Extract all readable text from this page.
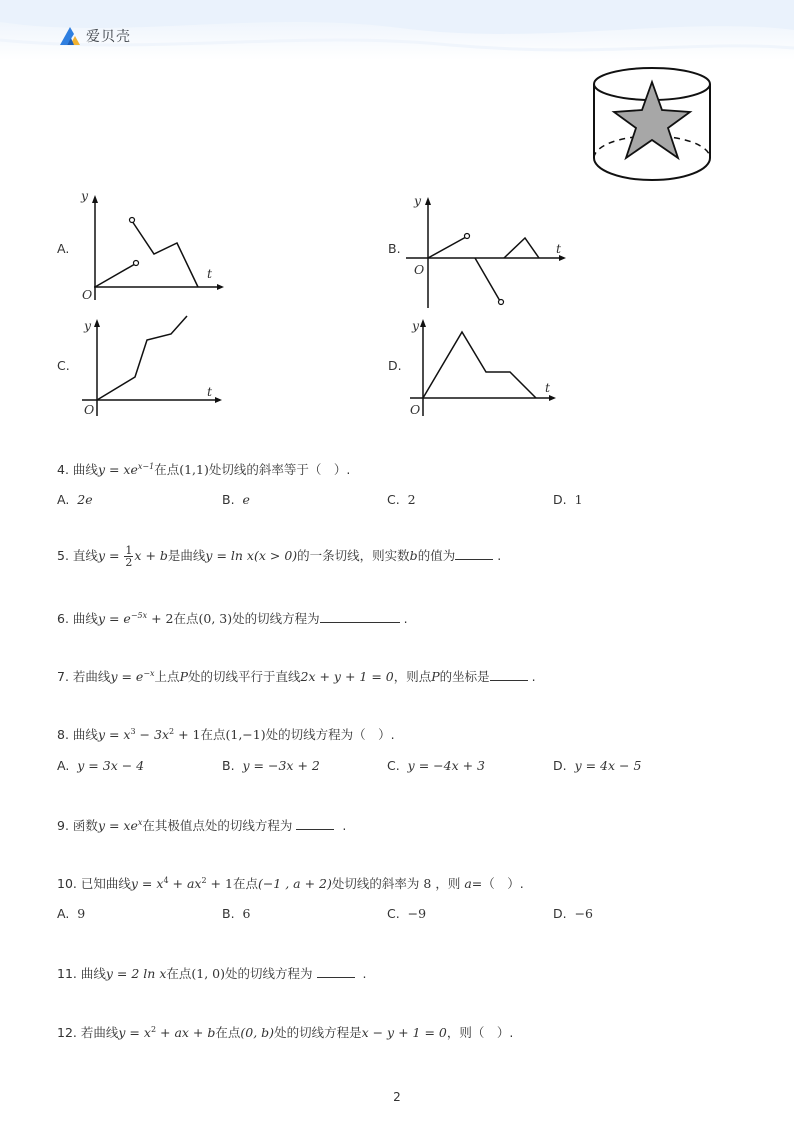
爱贝壳
A.
y
t
O
B.
y
t
O
C.
y
t
O
D.
y
t
O
4. 曲线$y = xe^{x-1}$在点(1,1)处切线的斜率等于（　）.
A. 2e	B. e	C. 2	D. 1
5. 直线$y = \frac{1}{2}$ x + b是曲线y = ln x(x > 0)的一条切线，则实数b的值为	.
6. 曲线$y = e^{-5x} + 2$在点(0, 3)处的切线方程为	.
7. 若曲线$y = e^{-x}$上点P处的切线平行于直线2x + y + 1 = 0，则点P的坐标是	.
8. 曲线$y = x^3 - 3x^2 + 1$在点(1,−1)处的切线方程为（　）.
A. y = 3x − 4	B. y = −3x + 2	C. y = −4x + 3	D. y = 4x − 5
9. 函数$y = xe^x$在其极值点处的切线方程为	.
10. 已知曲线$y = x^4 + ax^2 + 1$在点(−1 , a + 2)处切线的斜率为 8 ，则 a=（　）.
A. 9	B. 6	C. −9	D. −6
11. 曲线y = 2 ln x在点(1, 0)处的切线方程为	.
12. 若曲线$y = x^2$ + ax + b在点(0, b)处的切线方程是x − y + 1 = 0，则（　）.
2
